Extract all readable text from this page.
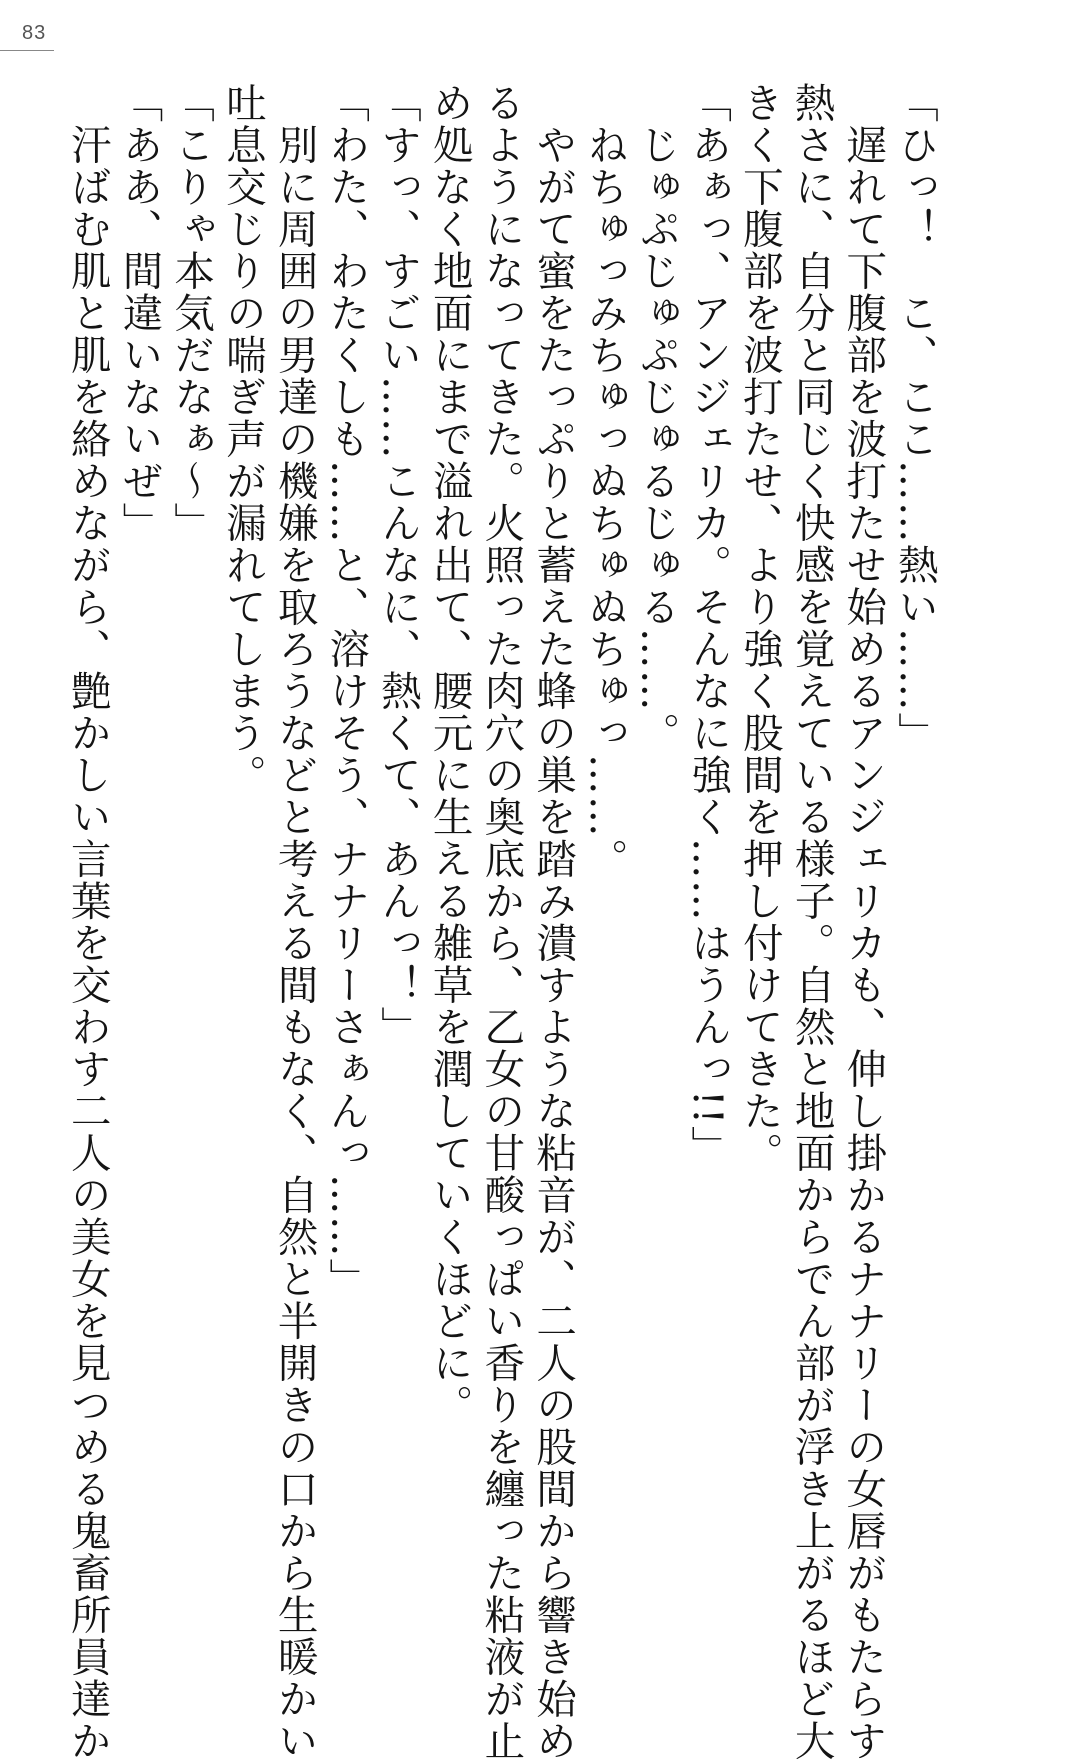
83

「ひっ！　こ、ここ……熱い……」

　遅れて下腹部を波打たせ始めるアンジェリカも、伸し掛かるナナリーの女唇がもたらす

熱さに、自分と同じく快感を覚えている様子。自然と地面からでん部が浮き上がるほど大

きく下腹部を波打たせ、より強く股間を押し付けてきた。

「あぁっ、アンジェリカ。そんなに強く……はうんっ!!」

　じゅぷじゅぷじゅるじゅる……。

　ねちゅっみちゅっぬちゅぬちゅっ……。

　やがて蜜をたっぷりと蓄えた蜂の巣を踏み潰すような粘音が、二人の股間から響き始め

るようになってきた。火照った肉穴の奥底から、乙女の甘酸っぱい香りを纏った粘液が止

め処なく地面にまで溢れ出て、腰元に生える雑草を潤していくほどに。

「すっ、すごい……こんなに、熱くて、あんっ！」

「わた、わたくしも……と、溶けそう、ナナリーさぁんっ……」

　別に周囲の男達の機嫌を取ろうなどと考える間もなく、自然と半開きの口から生暖かい

吐息交じりの喘ぎ声が漏れてしまう。

「こりゃ本気だなぁ～」

「ああ、間違いないぜ」

　汗ばむ肌と肌を絡めながら、艶かしい言葉を交わす二人の美女を見つめる鬼畜所員達か
